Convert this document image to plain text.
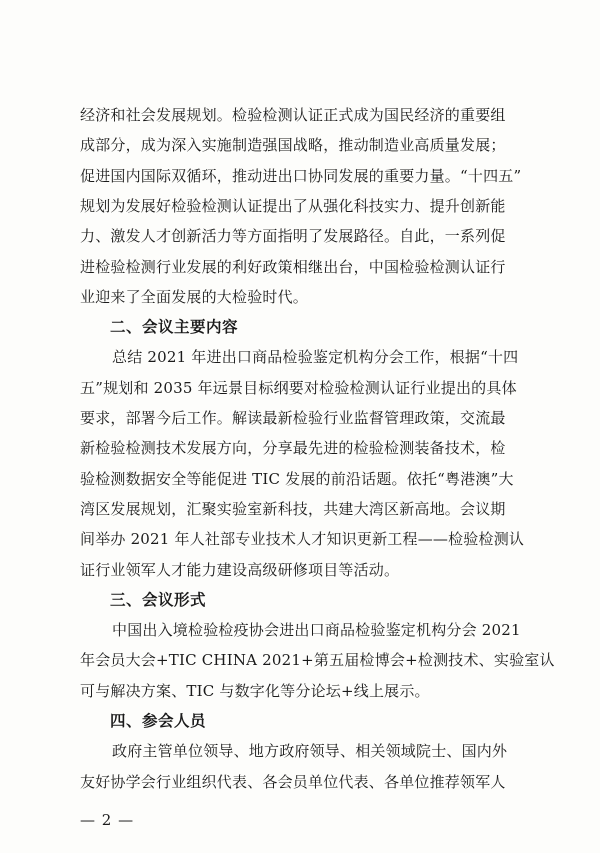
经济和社会发展规划。检验检测认证正式成为国民经济的重要组
成部分，成为深入实施制造强国战略，推动制造业高质量发展；
促进国内国际双循环，推动进出口协同发展的重要力量。“十四五”
规划为发展好检验检测认证提出了从强化科技实力、提升创新能
力、激发人才创新活力等方面指明了发展路径。自此，一系列促
进检验检测行业发展的利好政策相继出台，中国检验检测认证行
业迎来了全面发展的大检验时代。
二、会议主要内容
总结 2021 年进出口商品检验鉴定机构分会工作，根据“十四
五”规划和 2035 年远景目标纲要对检验检测认证行业提出的具体
要求，部署今后工作。解读最新检验行业监督管理政策，交流最
新检验检测技术发展方向，分享最先进的检验检测装备技术，检
验检测数据安全等能促进 TIC 发展的前沿话题。依托“粤港澳”大
湾区发展规划，汇聚实验室新科技，共建大湾区新高地。会议期
间举办 2021 年人社部专业技术人才知识更新工程——检验检测认
证行业领军人才能力建设高级研修项目等活动。
三、会议形式
中国出入境检验检疫协会进出口商品检验鉴定机构分会 2021
年会员大会+TIC CHINA 2021+第五届检博会+检测技术、实验室认
可与解决方案、TIC 与数字化等分论坛+线上展示。
四、参会人员
政府主管单位领导、地方政府领导、相关领域院士、国内外
友好协学会行业组织代表、各会员单位代表、各单位推荐领军人
— 2 —
